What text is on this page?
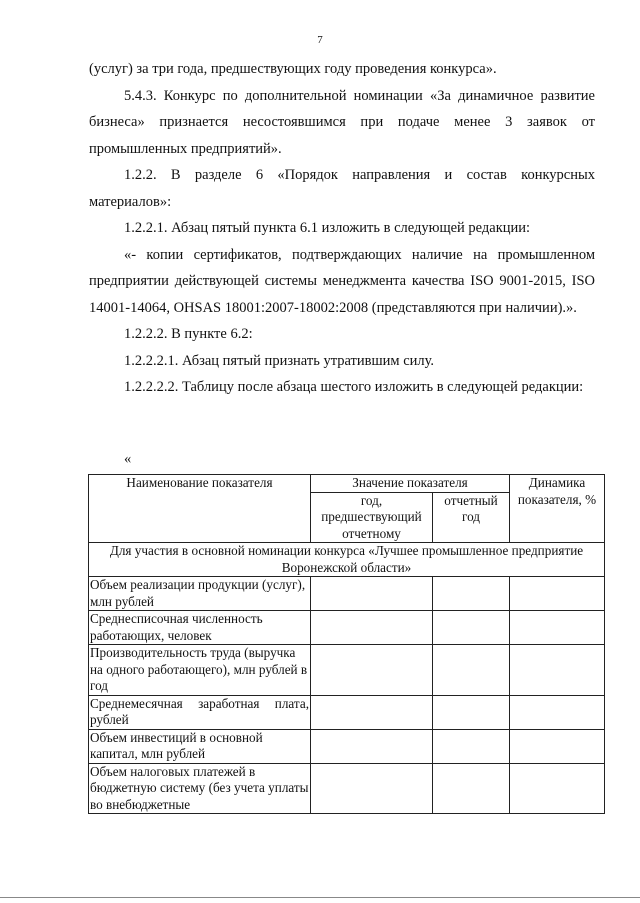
7

(услуг) за три года, предшествующих году проведения конкурса».

5.4.3. Конкурс по дополнительной номинации «За динамичное развитие бизнеса» признается несостоявшимся при подаче менее 3 заявок от промышленных предприятий».

1.2.2. В разделе 6 «Порядок направления и состав конкурсных материалов»:

1.2.2.1. Абзац пятый пункта 6.1 изложить в следующей редакции:

«- копии сертификатов, подтверждающих наличие на промышленном предприятии действующей системы менеджмента качества ISO 9001-2015, ISO 14001-14064, OHSAS 18001:2007-18002:2008 (представляются при наличии).».

1.2.2.2. В пункте 6.2:

1.2.2.2.1. Абзац пятый признать утратившим силу.

1.2.2.2.2. Таблицу после абзаца шестого изложить в следующей редакции:

«
Наименование показателя	Значение показателя		Динамика показателя, %
	год, предшествующий отчетному	отчетный год	
Для участия в основной номинации конкурса «Лучшее промышленное предприятие Воронежской области»			
Объем реализации продукции (услуг), млн рублей			
Среднесписочная численность работающих, человек			
Производительность труда (выручка на одного работающего), млн рублей в год			
Среднемесячная заработная плата, рублей			
Объем инвестиций в основной капитал, млн рублей			
Объем налоговых платежей в бюджетную систему (без учета уплаты во внебюджетные			
